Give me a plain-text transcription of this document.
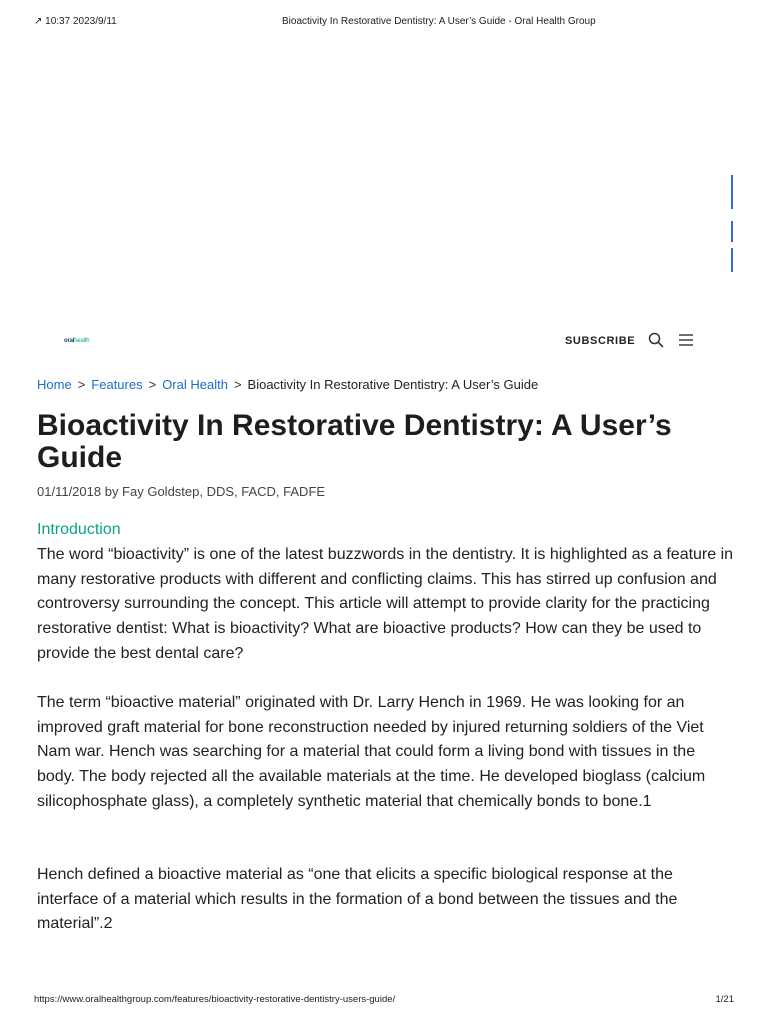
↗ 10:37 2023/9/11	Bioactivity In Restorative Dentistry: A User’s Guide - Oral Health Group
oralhealth	SUBSCRIBE
Home > Features > Oral Health > Bioactivity In Restorative Dentistry: A User’s Guide
Bioactivity In Restorative Dentistry: A User’s Guide
01/11/2018 by Fay Goldstep, DDS, FACD, FADFE
Introduction

The word “bioactivity” is one of the latest buzzwords in the dentistry. It is highlighted as a feature in many restorative products with different and conflicting claims. This has stirred up confusion and controversy surrounding the concept. This article will attempt to provide clarity for the practicing restorative dentist: What is bioactivity? What are bioactive products? How can they be used to provide the best dental care?

The term “bioactive material” originated with Dr. Larry Hench in 1969. He was looking for an improved graft material for bone reconstruction needed by injured returning soldiers of the Viet Nam war. Hench was searching for a material that could form a living bond with tissues in the body. The body rejected all the available materials at the time. He developed bioglass (calcium silicophosphate glass), a completely synthetic material that chemically bonds to bone.1

Hench defined a bioactive material as “one that elicits a specific biological response at the interface of a material which results in the formation of a bond between the tissues and the material”.2

https://www.oralhealthgroup.com/features/bioactivity-restorative-dentistry-users-guide/	1/21
